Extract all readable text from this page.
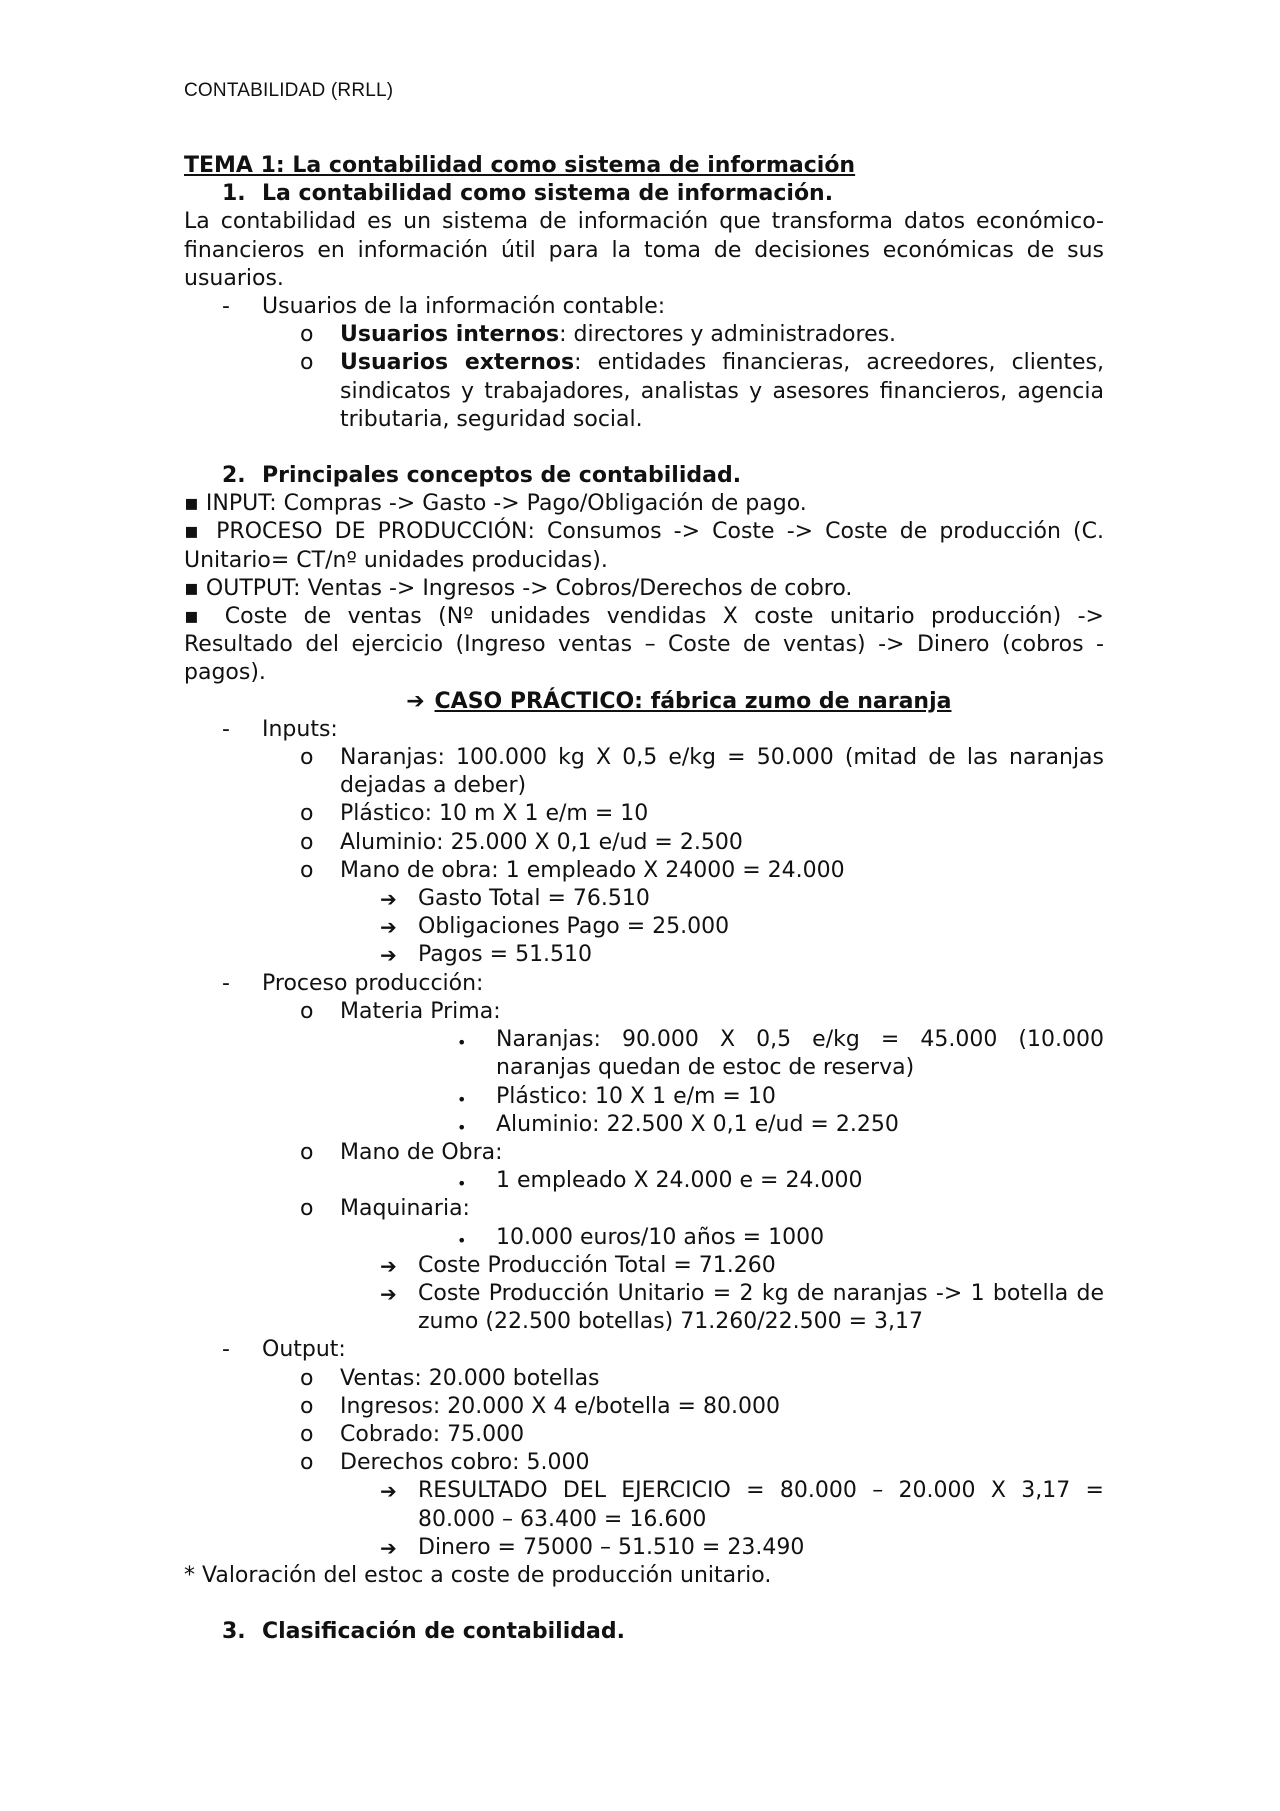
CONTABILIDAD (RRLL)

TEMA 1: La contabilidad como sistema de información

1. La contabilidad como sistema de información.

La contabilidad es un sistema de información que transforma datos económico-financieros en información útil para la toma de decisiones económicas de sus usuarios.

- Usuarios de la información contable:
o Usuarios internos: directores y administradores.
o Usuarios externos: entidades financieras, acreedores, clientes, sindicatos y trabajadores, analistas y asesores financieros, agencia tributaria, seguridad social.

2. Principales conceptos de contabilidad.

▪ INPUT: Compras -> Gasto -> Pago/Obligación de pago.

▪ PROCESO DE PRODUCCIÓN: Consumos -> Coste -> Coste de producción (C. Unitario= CT/nº unidades producidas).

▪ OUTPUT: Ventas -> Ingresos -> Cobros/Derechos de cobro.

▪ Coste de ventas (Nº unidades vendidas X coste unitario producción) -> Resultado del ejercicio (Ingreso ventas – Coste de ventas) -> Dinero (cobros - pagos).

➔ CASO PRÁCTICO: fábrica zumo de naranja

- Inputs:
o Naranjas: 100.000 kg X 0,5 e/kg = 50.000 (mitad de las naranjas dejadas a deber)
o Plástico: 10 m X 1 e/m = 10
o Aluminio: 25.000 X 0,1 e/ud = 2.500
o Mano de obra: 1 empleado X 24000 = 24.000
➔ Gasto Total = 76.510
➔ Obligaciones Pago = 25.000
➔ Pagos = 51.510
- Proceso producción:
o Materia Prima:
• Naranjas: 90.000 X 0,5 e/kg = 45.000 (10.000 naranjas quedan de estoc de reserva)
• Plástico: 10 X 1 e/m = 10
• Aluminio: 22.500 X 0,1 e/ud = 2.250
o Mano de Obra:
• 1 empleado X 24.000 e = 24.000
o Maquinaria:
• 10.000 euros/10 años = 1000
➔ Coste Producción Total = 71.260
➔ Coste Producción Unitario = 2 kg de naranjas -> 1 botella de zumo (22.500 botellas) 71.260/22.500 = 3,17
- Output:
o Ventas: 20.000 botellas
o Ingresos: 20.000 X 4 e/botella = 80.000
o Cobrado: 75.000
o Derechos cobro: 5.000
➔ RESULTADO DEL EJERCICIO = 80.000 – 20.000 X 3,17 = 80.000 – 63.400 = 16.600
➔ Dinero = 75000 – 51.510 = 23.490

* Valoración del estoc a coste de producción unitario.

3. Clasificación de contabilidad.
